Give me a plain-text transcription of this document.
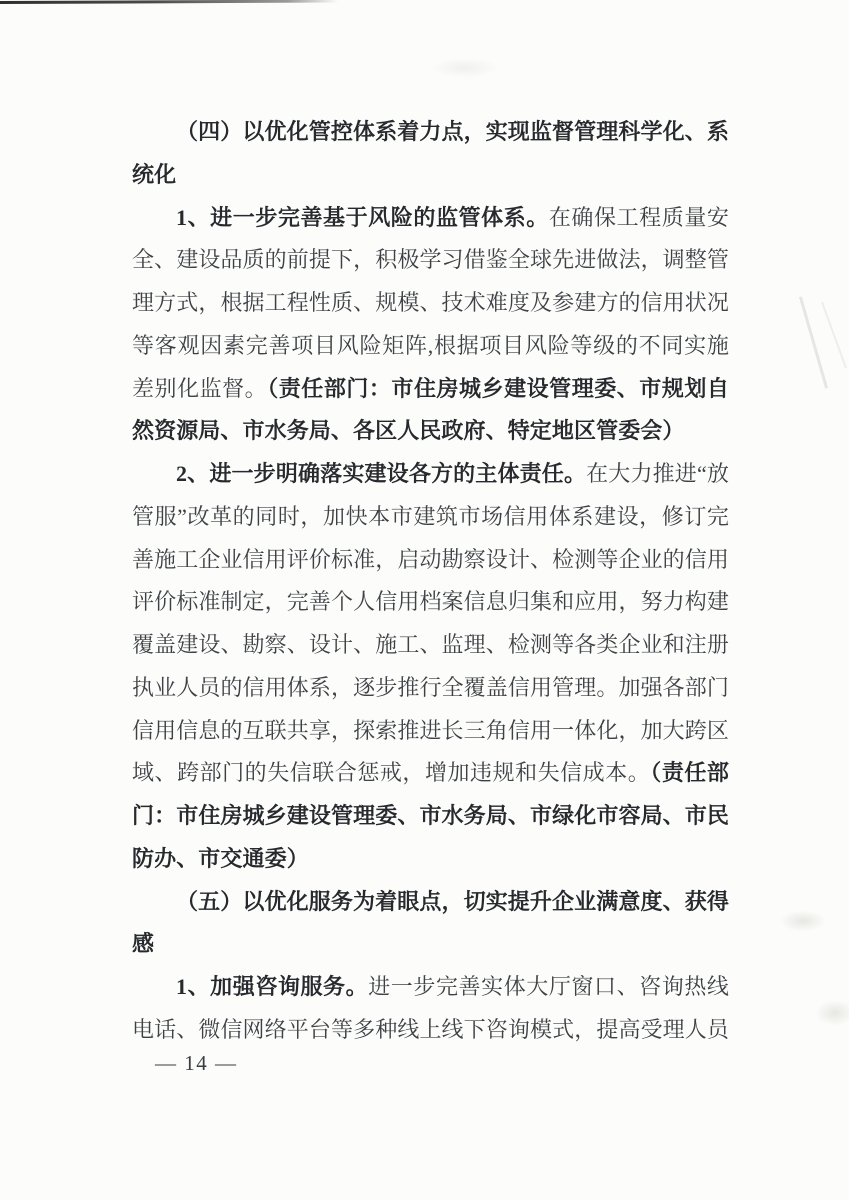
（四）以优化管控体系着力点，实现监督管理科学化、系
统化
1、进一步完善基于风险的监管体系。在确保工程质量安
全、建设品质的前提下，积极学习借鉴全球先进做法，调整管
理方式，根据工程性质、规模、技术难度及参建方的信用状况
等客观因素完善项目风险矩阵,根据项目风险等级的不同实施
差别化监督。（责任部门：市住房城乡建设管理委、市规划自
然资源局、市水务局、各区人民政府、特定地区管委会）
2、进一步明确落实建设各方的主体责任。在大力推进“放
管服”改革的同时，加快本市建筑市场信用体系建设，修订完
善施工企业信用评价标准，启动勘察设计、检测等企业的信用
评价标准制定，完善个人信用档案信息归集和应用，努力构建
覆盖建设、勘察、设计、施工、监理、检测等各类企业和注册
执业人员的信用体系，逐步推行全覆盖信用管理。加强各部门
信用信息的互联共享，探索推进长三角信用一体化，加大跨区
域、跨部门的失信联合惩戒，增加违规和失信成本。（责任部
门：市住房城乡建设管理委、市水务局、市绿化市容局、市民
防办、市交通委）
（五）以优化服务为着眼点，切实提升企业满意度、获得
感
1、加强咨询服务。进一步完善实体大厅窗口、咨询热线
电话、微信网络平台等多种线上线下咨询模式，提高受理人员
— 14 —
